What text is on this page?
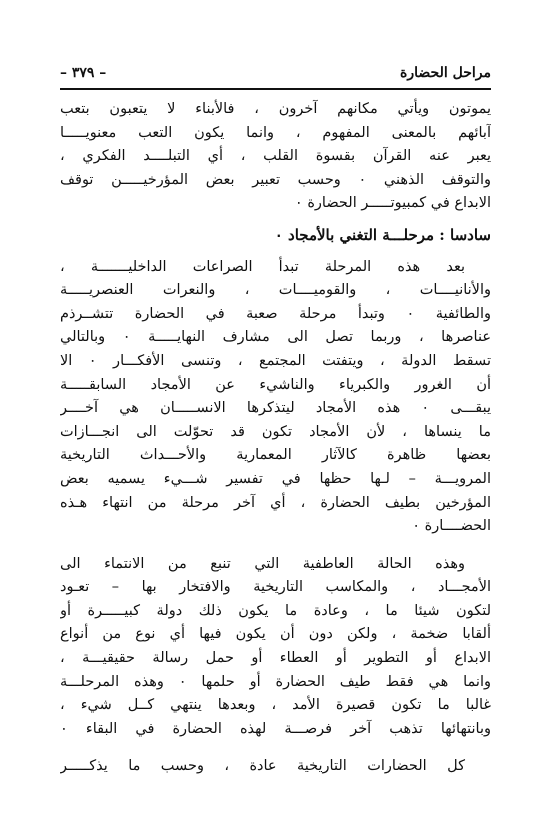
مراحل الحضارة
– ٣٧٩ –
يموتون ويأتي مكانهم آخرون ، فالأبناء لا يتعبون بتعب
آبائهم بالمعنى المفهوم ، وانما يكون التعب معنويـــــا
يعبر عنه القرآن بقسوة القلب ، أي التبلــــد الفكري ،
والتوقف الذهني ٠ وحسب تعبير بعض المؤرخيـــــن توقف
الابداع في كمبيوتـــــر الحضارة ٠
سادسا : مرحلـــة التغني بالأمجاد ٠
بعد هذه المرحلة تبدأ الصراعات الداخليـــــــة ،
والأنانيــــات ، والقوميــــات ، والنعرات العنصريـــــة
والطائفية ٠ وتبدأ مرحلة صعبة في الحضارة تتشــرذم
عناصرها ، وربما تصل الى مشارف النهايـــــة ٠ وبالتالي
تسقط الدولة ، ويتفتت المجتمع ، وتنسى الأفكـــار ٠ الا
أن الغرور والكبرياء والناشيء عن الأمجاد السابقـــــة
يبقـــى ٠ هذه الأمجاد ليتذكرها الانســـــان هي آخــــر
ما ينساها ، لأن الأمجاد تكون قد تحوّلت الى انجـــازات
بعضها ظاهرة كالآثار المعمارية والأحـــداث التاريخية
المرويـــة – لـها حظها في تفسير شـــيء يسميه بعض
المؤرخين بطيف الحضارة ، أي آخر مرحلة من انتهاء هـذه
الحضــــارة ٠
وهذه الحالة العاطفية التي تنبع من الانتماء الى
الأمجـــاد ، والمكاسب التاريخية والافتخار بها – تعـود
لتكون شيئا ما ، وعادة ما يكون ذلك دولة كبيـــــرة أو
ألقابا ضخمة ، ولكن دون أن يكون فيها أي نوع من أنواع
الابداع أو التطوير أو العطاء أو حمل رسالة حقيقيـــة ،
وانما هي فقط طيف الحضارة أو حلمها ٠ وهذه المرحلـــة
غالبا ما تكون قصيرة الأمد ، وبعدها ينتهي كــل شيء ،
وبانتهائها تذهب آخر فرصـــة لهذه الحضارة في البقاء ٠
كل الحضارات التاريخية عادة ، وحسب ما يذكـــــر
